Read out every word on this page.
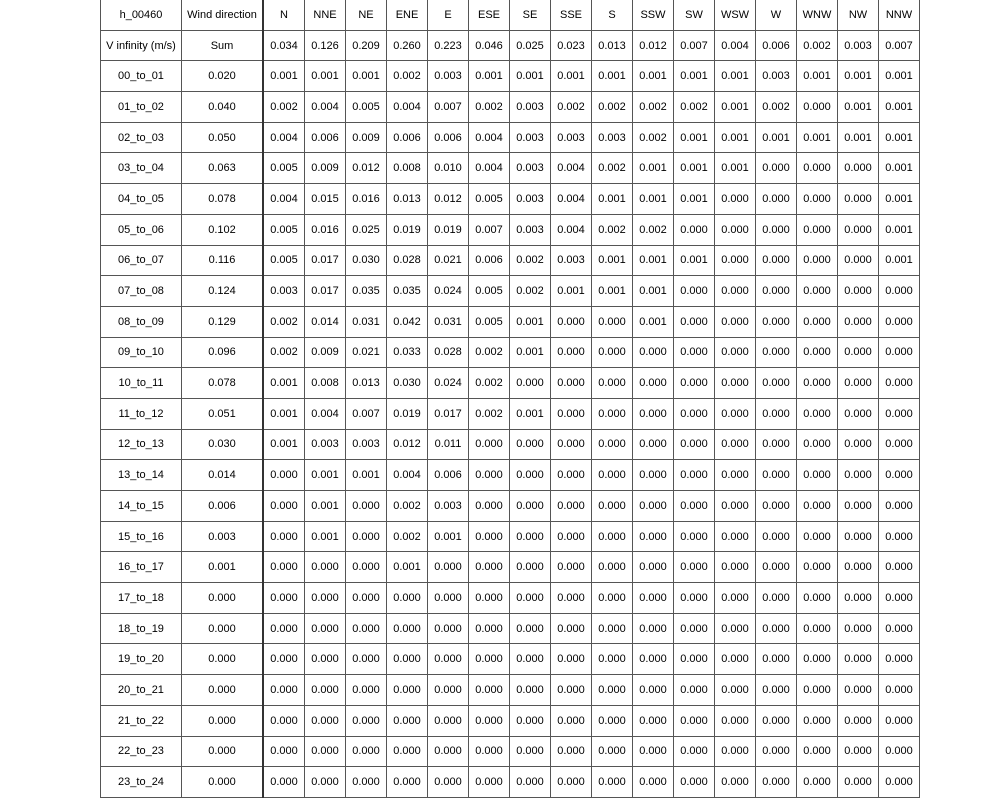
h_00460	Wind direction	N	NNE	NE	ENE	E	ESE	SE	SSE	S	SSW	SW	WSW	W	WNW	NW	NNW
V infinity (m/s)	Sum	0.034	0.126	0.209	0.260	0.223	0.046	0.025	0.023	0.013	0.012	0.007	0.004	0.006	0.002	0.003	0.007
00_to_01	0.020	0.001	0.001	0.001	0.002	0.003	0.001	0.001	0.001	0.001	0.001	0.001	0.001	0.003	0.001	0.001	0.001
01_to_02	0.040	0.002	0.004	0.005	0.004	0.007	0.002	0.003	0.002	0.002	0.002	0.002	0.001	0.002	0.000	0.001	0.001
02_to_03	0.050	0.004	0.006	0.009	0.006	0.006	0.004	0.003	0.003	0.003	0.002	0.001	0.001	0.001	0.001	0.001	0.001
03_to_04	0.063	0.005	0.009	0.012	0.008	0.010	0.004	0.003	0.004	0.002	0.001	0.001	0.001	0.000	0.000	0.000	0.001
04_to_05	0.078	0.004	0.015	0.016	0.013	0.012	0.005	0.003	0.004	0.001	0.001	0.001	0.000	0.000	0.000	0.000	0.001
05_to_06	0.102	0.005	0.016	0.025	0.019	0.019	0.007	0.003	0.004	0.002	0.002	0.000	0.000	0.000	0.000	0.000	0.001
06_to_07	0.116	0.005	0.017	0.030	0.028	0.021	0.006	0.002	0.003	0.001	0.001	0.001	0.000	0.000	0.000	0.000	0.001
07_to_08	0.124	0.003	0.017	0.035	0.035	0.024	0.005	0.002	0.001	0.001	0.001	0.000	0.000	0.000	0.000	0.000	0.000
08_to_09	0.129	0.002	0.014	0.031	0.042	0.031	0.005	0.001	0.000	0.000	0.001	0.000	0.000	0.000	0.000	0.000	0.000
09_to_10	0.096	0.002	0.009	0.021	0.033	0.028	0.002	0.001	0.000	0.000	0.000	0.000	0.000	0.000	0.000	0.000	0.000
10_to_11	0.078	0.001	0.008	0.013	0.030	0.024	0.002	0.000	0.000	0.000	0.000	0.000	0.000	0.000	0.000	0.000	0.000
11_to_12	0.051	0.001	0.004	0.007	0.019	0.017	0.002	0.001	0.000	0.000	0.000	0.000	0.000	0.000	0.000	0.000	0.000
12_to_13	0.030	0.001	0.003	0.003	0.012	0.011	0.000	0.000	0.000	0.000	0.000	0.000	0.000	0.000	0.000	0.000	0.000
13_to_14	0.014	0.000	0.001	0.001	0.004	0.006	0.000	0.000	0.000	0.000	0.000	0.000	0.000	0.000	0.000	0.000	0.000
14_to_15	0.006	0.000	0.001	0.000	0.002	0.003	0.000	0.000	0.000	0.000	0.000	0.000	0.000	0.000	0.000	0.000	0.000
15_to_16	0.003	0.000	0.001	0.000	0.002	0.001	0.000	0.000	0.000	0.000	0.000	0.000	0.000	0.000	0.000	0.000	0.000
16_to_17	0.001	0.000	0.000	0.000	0.001	0.000	0.000	0.000	0.000	0.000	0.000	0.000	0.000	0.000	0.000	0.000	0.000
17_to_18	0.000	0.000	0.000	0.000	0.000	0.000	0.000	0.000	0.000	0.000	0.000	0.000	0.000	0.000	0.000	0.000	0.000
18_to_19	0.000	0.000	0.000	0.000	0.000	0.000	0.000	0.000	0.000	0.000	0.000	0.000	0.000	0.000	0.000	0.000	0.000
19_to_20	0.000	0.000	0.000	0.000	0.000	0.000	0.000	0.000	0.000	0.000	0.000	0.000	0.000	0.000	0.000	0.000	0.000
20_to_21	0.000	0.000	0.000	0.000	0.000	0.000	0.000	0.000	0.000	0.000	0.000	0.000	0.000	0.000	0.000	0.000	0.000
21_to_22	0.000	0.000	0.000	0.000	0.000	0.000	0.000	0.000	0.000	0.000	0.000	0.000	0.000	0.000	0.000	0.000	0.000
22_to_23	0.000	0.000	0.000	0.000	0.000	0.000	0.000	0.000	0.000	0.000	0.000	0.000	0.000	0.000	0.000	0.000	0.000
23_to_24	0.000	0.000	0.000	0.000	0.000	0.000	0.000	0.000	0.000	0.000	0.000	0.000	0.000	0.000	0.000	0.000	0.000
